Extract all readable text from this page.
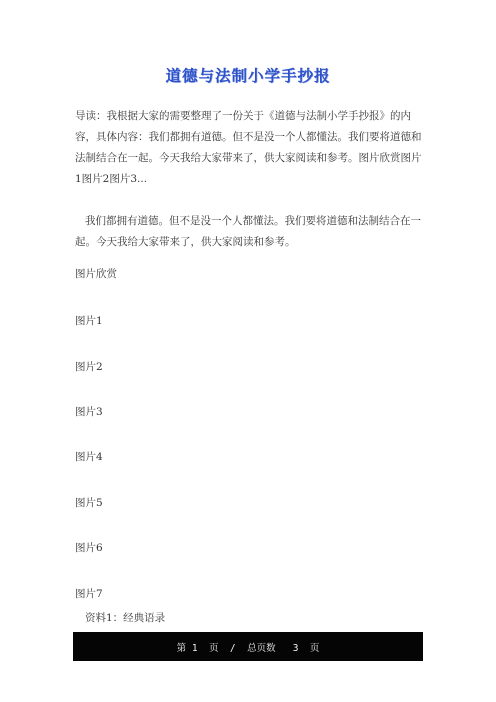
道德与法制小学手抄报

导读：我根据大家的需要整理了一份关于《道德与法制小学手抄报》的内容，具体内容：我们都拥有道德。但不是没一个人都懂法。我们要将道德和法制结合在一起。今天我给大家带来了，供大家阅读和参考。图片欣赏图片1图片2图片3...

我们都拥有道德。但不是没一个人都懂法。我们要将道德和法制结合在一起。今天我给大家带来了，供大家阅读和参考。

图片欣赏

图片1

图片2

图片3

图片4

图片5

图片6

图片7

资料1：经典语录

第 1  页  /  总页数   3  页
